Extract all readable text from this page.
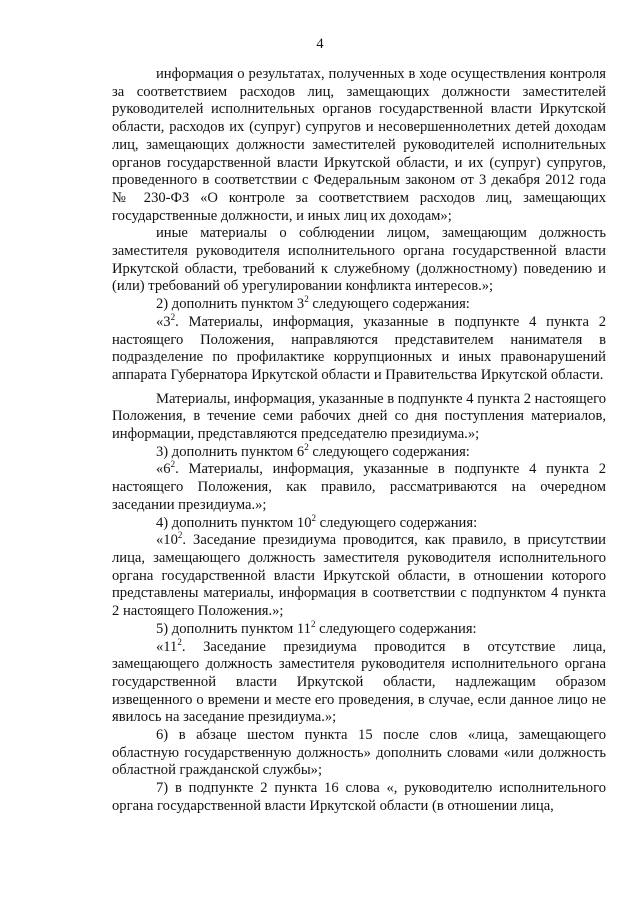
4

информация о результатах, полученных в ходе осуществления контроля за соответствием расходов лиц, замещающих должности заместителей руководителей исполнительных органов государственной власти Иркутской области, расходов их (супруг) супругов и несовершеннолетних детей доходам лиц, замещающих должности заместителей руководителей исполнительных органов государственной власти Иркутской области, и их (супруг) супругов, проведенного в соответствии с Федеральным законом от 3 декабря 2012 года № 230-ФЗ «О контроле за соответствием расходов лиц, замещающих государственные должности, и иных лиц их доходам»;

иные материалы о соблюдении лицом, замещающим должность заместителя руководителя исполнительного органа государственной власти Иркутской области, требований к служебному (должностному) поведению и (или) требований об урегулировании конфликта интересов.»;

2) дополнить пунктом $3^2$ следующего содержания:

«$3^2$. Материалы, информация, указанные в подпункте 4 пункта 2 настоящего Положения, направляются представителем нанимателя в подразделение по профилактике коррупционных и иных правонарушений аппарата Губернатора Иркутской области и Правительства Иркутской области.

Материалы, информация, указанные в подпункте 4 пункта 2 настоящего Положения, в течение семи рабочих дней со дня поступления материалов, информации, представляются председателю президиума.»;

3) дополнить пунктом $6^2$ следующего содержания:

«$6^2$. Материалы, информация, указанные в подпункте 4 пункта 2 настоящего Положения, как правило, рассматриваются на очередном заседании президиума.»;

4) дополнить пунктом $10^2$ следующего содержания:

«$10^2$. Заседание президиума проводится, как правило, в присутствии лица, замещающего должность заместителя руководителя исполнительного органа государственной власти Иркутской области, в отношении которого представлены материалы, информация в соответствии с подпунктом 4 пункта 2 настоящего Положения.»;

5) дополнить пунктом $11^2$ следующего содержания:

«$11^2$. Заседание президиума проводится в отсутствие лица, замещающего должность заместителя руководителя исполнительного органа государственной власти Иркутской области, надлежащим образом извещенного о времени и месте его проведения, в случае, если данное лицо не явилось на заседание президиума.»;

6) в абзаце шестом пункта 15 после слов «лица, замещающего областную государственную должность» дополнить словами «или должность областной гражданской службы»;

7) в подпункте 2 пункта 16 слова «, руководителю исполнительного органа государственной власти Иркутской области (в отношении лица,
